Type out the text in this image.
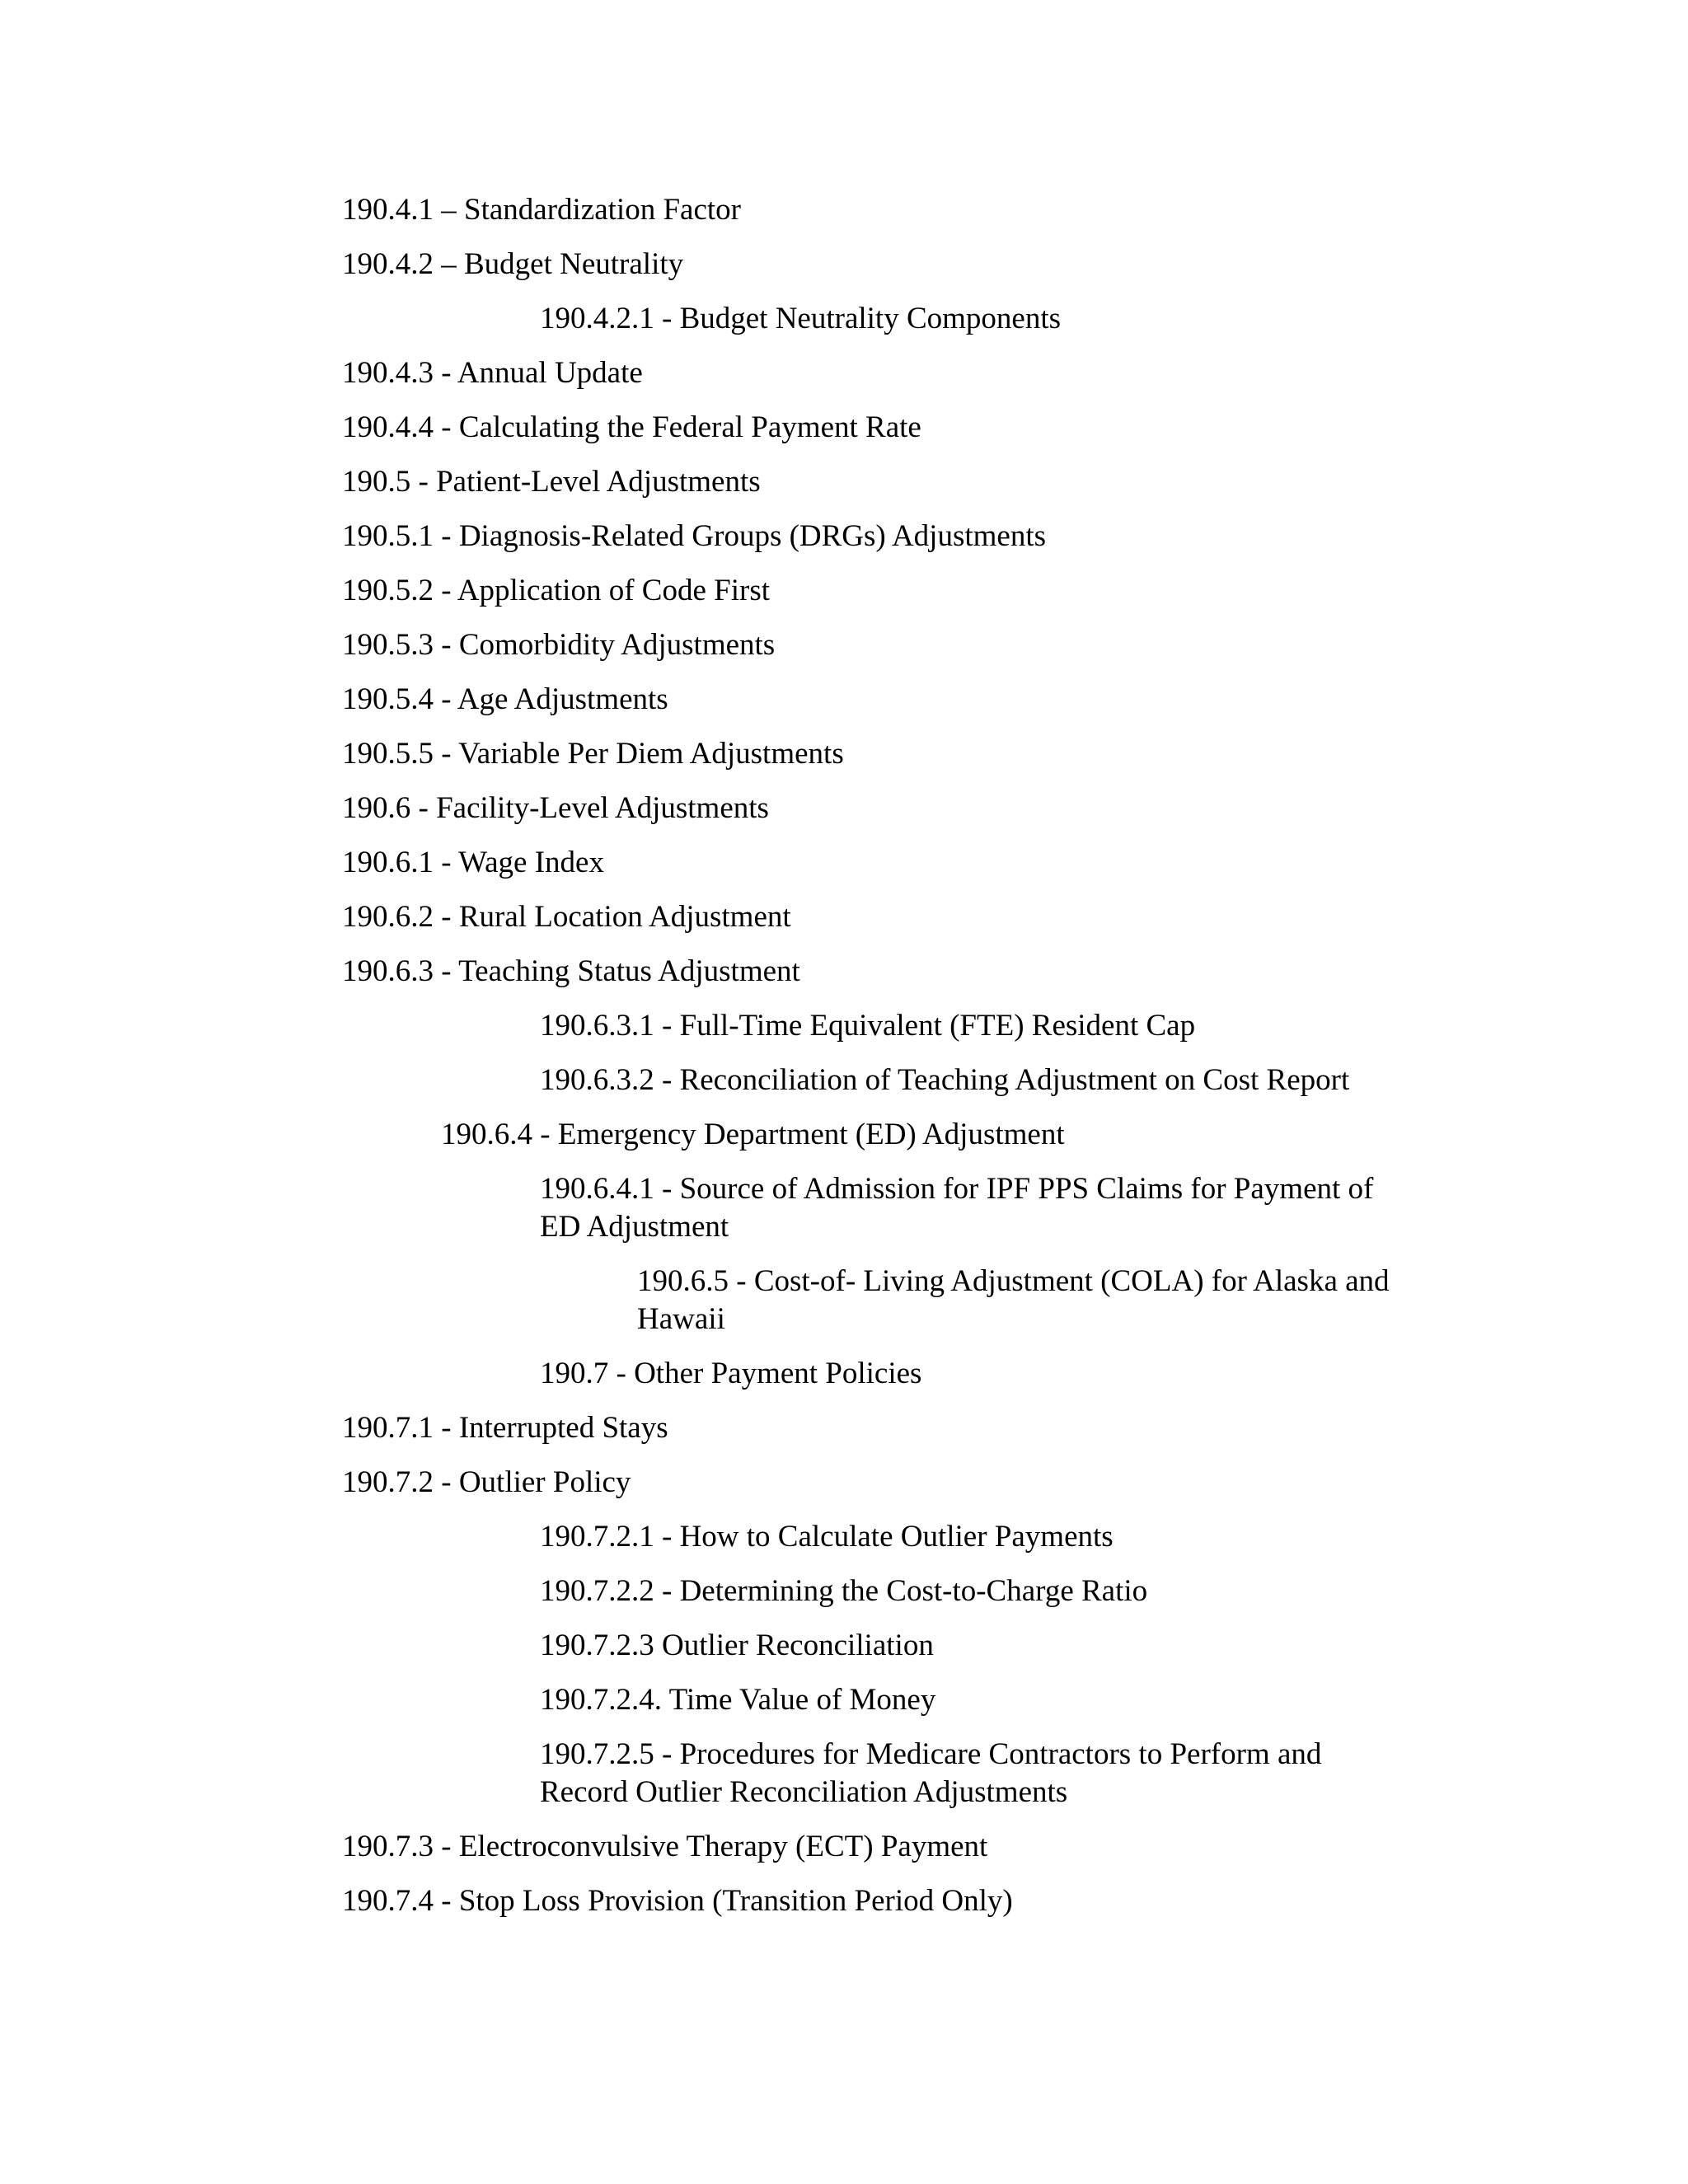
190.4.1 – Standardization Factor
190.4.2 – Budget Neutrality
190.4.2.1 - Budget Neutrality Components
190.4.3 - Annual Update
190.4.4 - Calculating the Federal Payment Rate
190.5 - Patient-Level Adjustments
190.5.1 - Diagnosis-Related Groups (DRGs) Adjustments
190.5.2 - Application of Code First
190.5.3 - Comorbidity Adjustments
190.5.4 - Age Adjustments
190.5.5 - Variable Per Diem Adjustments
190.6 - Facility-Level Adjustments
190.6.1 - Wage Index
190.6.2 - Rural Location Adjustment
190.6.3 - Teaching Status Adjustment
190.6.3.1 - Full-Time Equivalent (FTE) Resident Cap
190.6.3.2 - Reconciliation of Teaching Adjustment on Cost Report
190.6.4 - Emergency Department (ED) Adjustment
190.6.4.1 - Source of Admission for IPF PPS Claims for Payment of ED Adjustment
190.6.5 - Cost-of- Living Adjustment (COLA) for Alaska and Hawaii
190.7 - Other Payment Policies
190.7.1 - Interrupted Stays
190.7.2 - Outlier Policy
190.7.2.1 - How to Calculate Outlier Payments
190.7.2.2 - Determining the Cost-to-Charge Ratio
190.7.2.3 Outlier Reconciliation
190.7.2.4. Time Value of Money
190.7.2.5 - Procedures for Medicare Contractors to Perform and Record Outlier Reconciliation Adjustments
190.7.3 - Electroconvulsive Therapy (ECT) Payment
190.7.4 - Stop Loss Provision (Transition Period Only)
